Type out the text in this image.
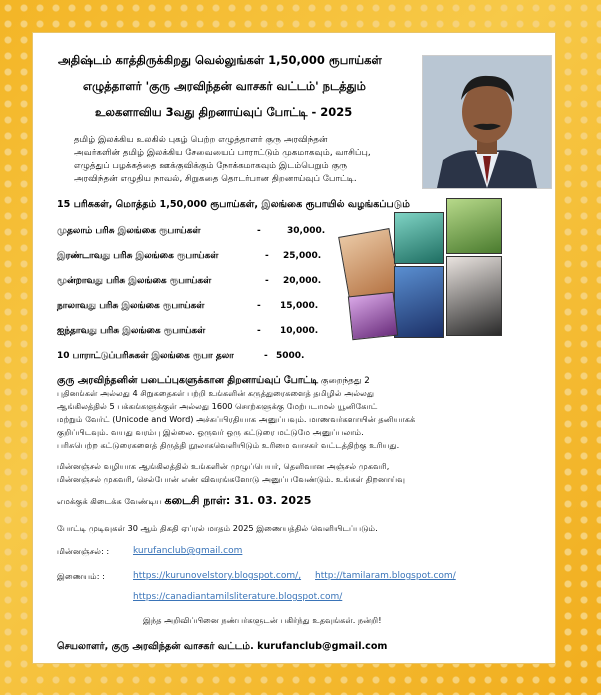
அதிஷ்டம் காத்திருக்கிறது வெல்லுங்கள் 1,50,000 ரூபாய்கள்
எழுத்தாளர் 'குரு அரவிந்தன் வாசகர் வட்டம்' நடத்தும்
உலகளாவிய 3வது திறனாய்வுப் போட்டி - 2025
தமிழ் இலக்கிய உலகில் புகழ் பெற்ற எழுத்தாளர் குரு அரவிந்தன்
அவர்களின் தமிழ் இலக்கிய சேவையைப் பாராட்டும் முகமாகவும், வாசிப்பு,
எழுத்துப் பழக்கத்தை ஊக்குவிக்கும் நோக்கமாகவும் இடம்பெறும் குரு
அரவிந்தன் எழுதிய நாவல், சிறுகதை தொடர்பான திறனாய்வுப் போட்டி.
15 பரிசுகள், மொத்தம் 1,50,000 ரூபாய்கள், இலங்கை ரூபாயில் வழங்கப்படும்
முதலாம் பரிசு இலங்கை ரூபாய்கள்	-	30,000.
இரண்டாவது பரிசு இலங்கை ரூபாய்கள்	- 25,000.
மூன்றாவது பரிசு இலங்கை ரூபாய்கள்	- 20,000.
நாலாவது பரிசு இலங்கை ரூபாய்கள்	- 15,000.
ஐந்தாவது பரிசு இலங்கை ரூபாய்கள்	- 10,000.
10 பாராட்டுப்பரிசுகள் இலங்கை ரூபா தலா	- 5000.
குரு அரவிந்தனின் படைப்புகளுக்கான திறனாய்வுப் போட்டி குறைந்தது 2
புதினங்கள் அல்லது 4 சிறுகதைகள் பற்றி உங்களின் கருத்துரைகளைத் தமிழில் அல்லது
ஆங்கிலத்தில் 5 பக்கங்களுக்குள் அல்லது 1600 சொற்களுக்கு மேற்படாமல் யூனிகோட்
மற்றும் வேர்ட் (Unicode and Word) அச்சுப்பிரதியாக அனுப்பவும். மாணவர்களாயின் தனியாகக்
குறிப்பிடவும். வயது வரம்பு இல்லை. ஒருவர் ஒரு கட்டுரை மட்டுமே அனுப்பலாம்.
பரிசுபெற்ற கட்டுரைகளைத் திருத்தி நூலாகவெளியிடும் உரிமை வாசகர் வட்டத்திற்கு உரியது.
மின்னஞ்சல் வழியாக ஆங்கிலத்தில் உங்களின் முழுப்பெயர், தெளிவான அஞ்சல் முகவரி,
மின்னஞ்சல் முகவரி, செல்போன் எண் விவரங்களோடு அனுப்பவேண்டும். உங்கள் திறனாய்வு
எமக்குக் கிடைக்க வேண்டிய கடைசி நாள்: 31. 03. 2025
போட்டி முடிவுகள் 30 ஆம் திகதி ஏப்ரல் மாதம் 2025 இணையத்தில் வெளியிடப்படும்.
மின்னஞ்சல்: :	kurufanclub@gmail.com
இணையம்: :	https://kurunovelstory.blogspot.com/, http://tamilaram.blogspot.com/
https://canadiantamilsliterature.blogspot.com/
இந்த அறிவிப்பினை நண்பர்களுடன் பகிர்ந்து உதவுங்கள். நன்றி!
செயலாளர், குரு அரவிந்தன் வாசகர் வட்டம். kurufanclub@gmail.com
